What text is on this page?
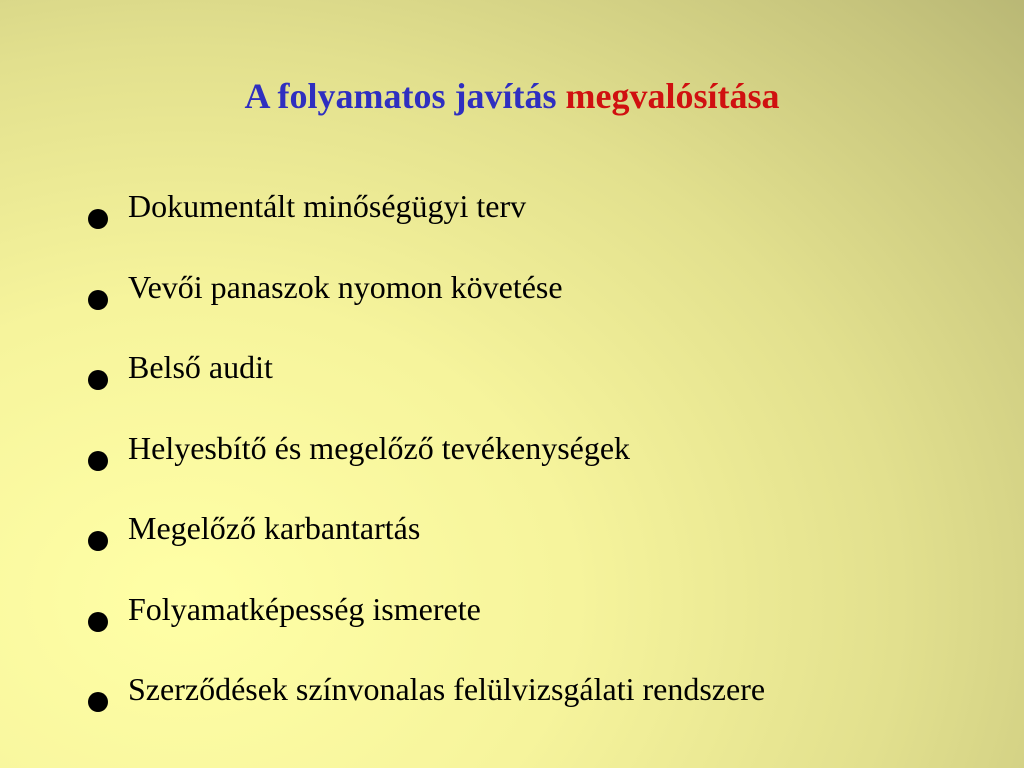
A folyamatos javítás megvalósítása
Dokumentált minőségügyi terv
Vevői panaszok nyomon követése
Belső audit
Helyesbítő és megelőző tevékenységek
Megelőző karbantartás
Folyamatképesség ismerete
Szerződések színvonalas felülvizsgálati rendszere
